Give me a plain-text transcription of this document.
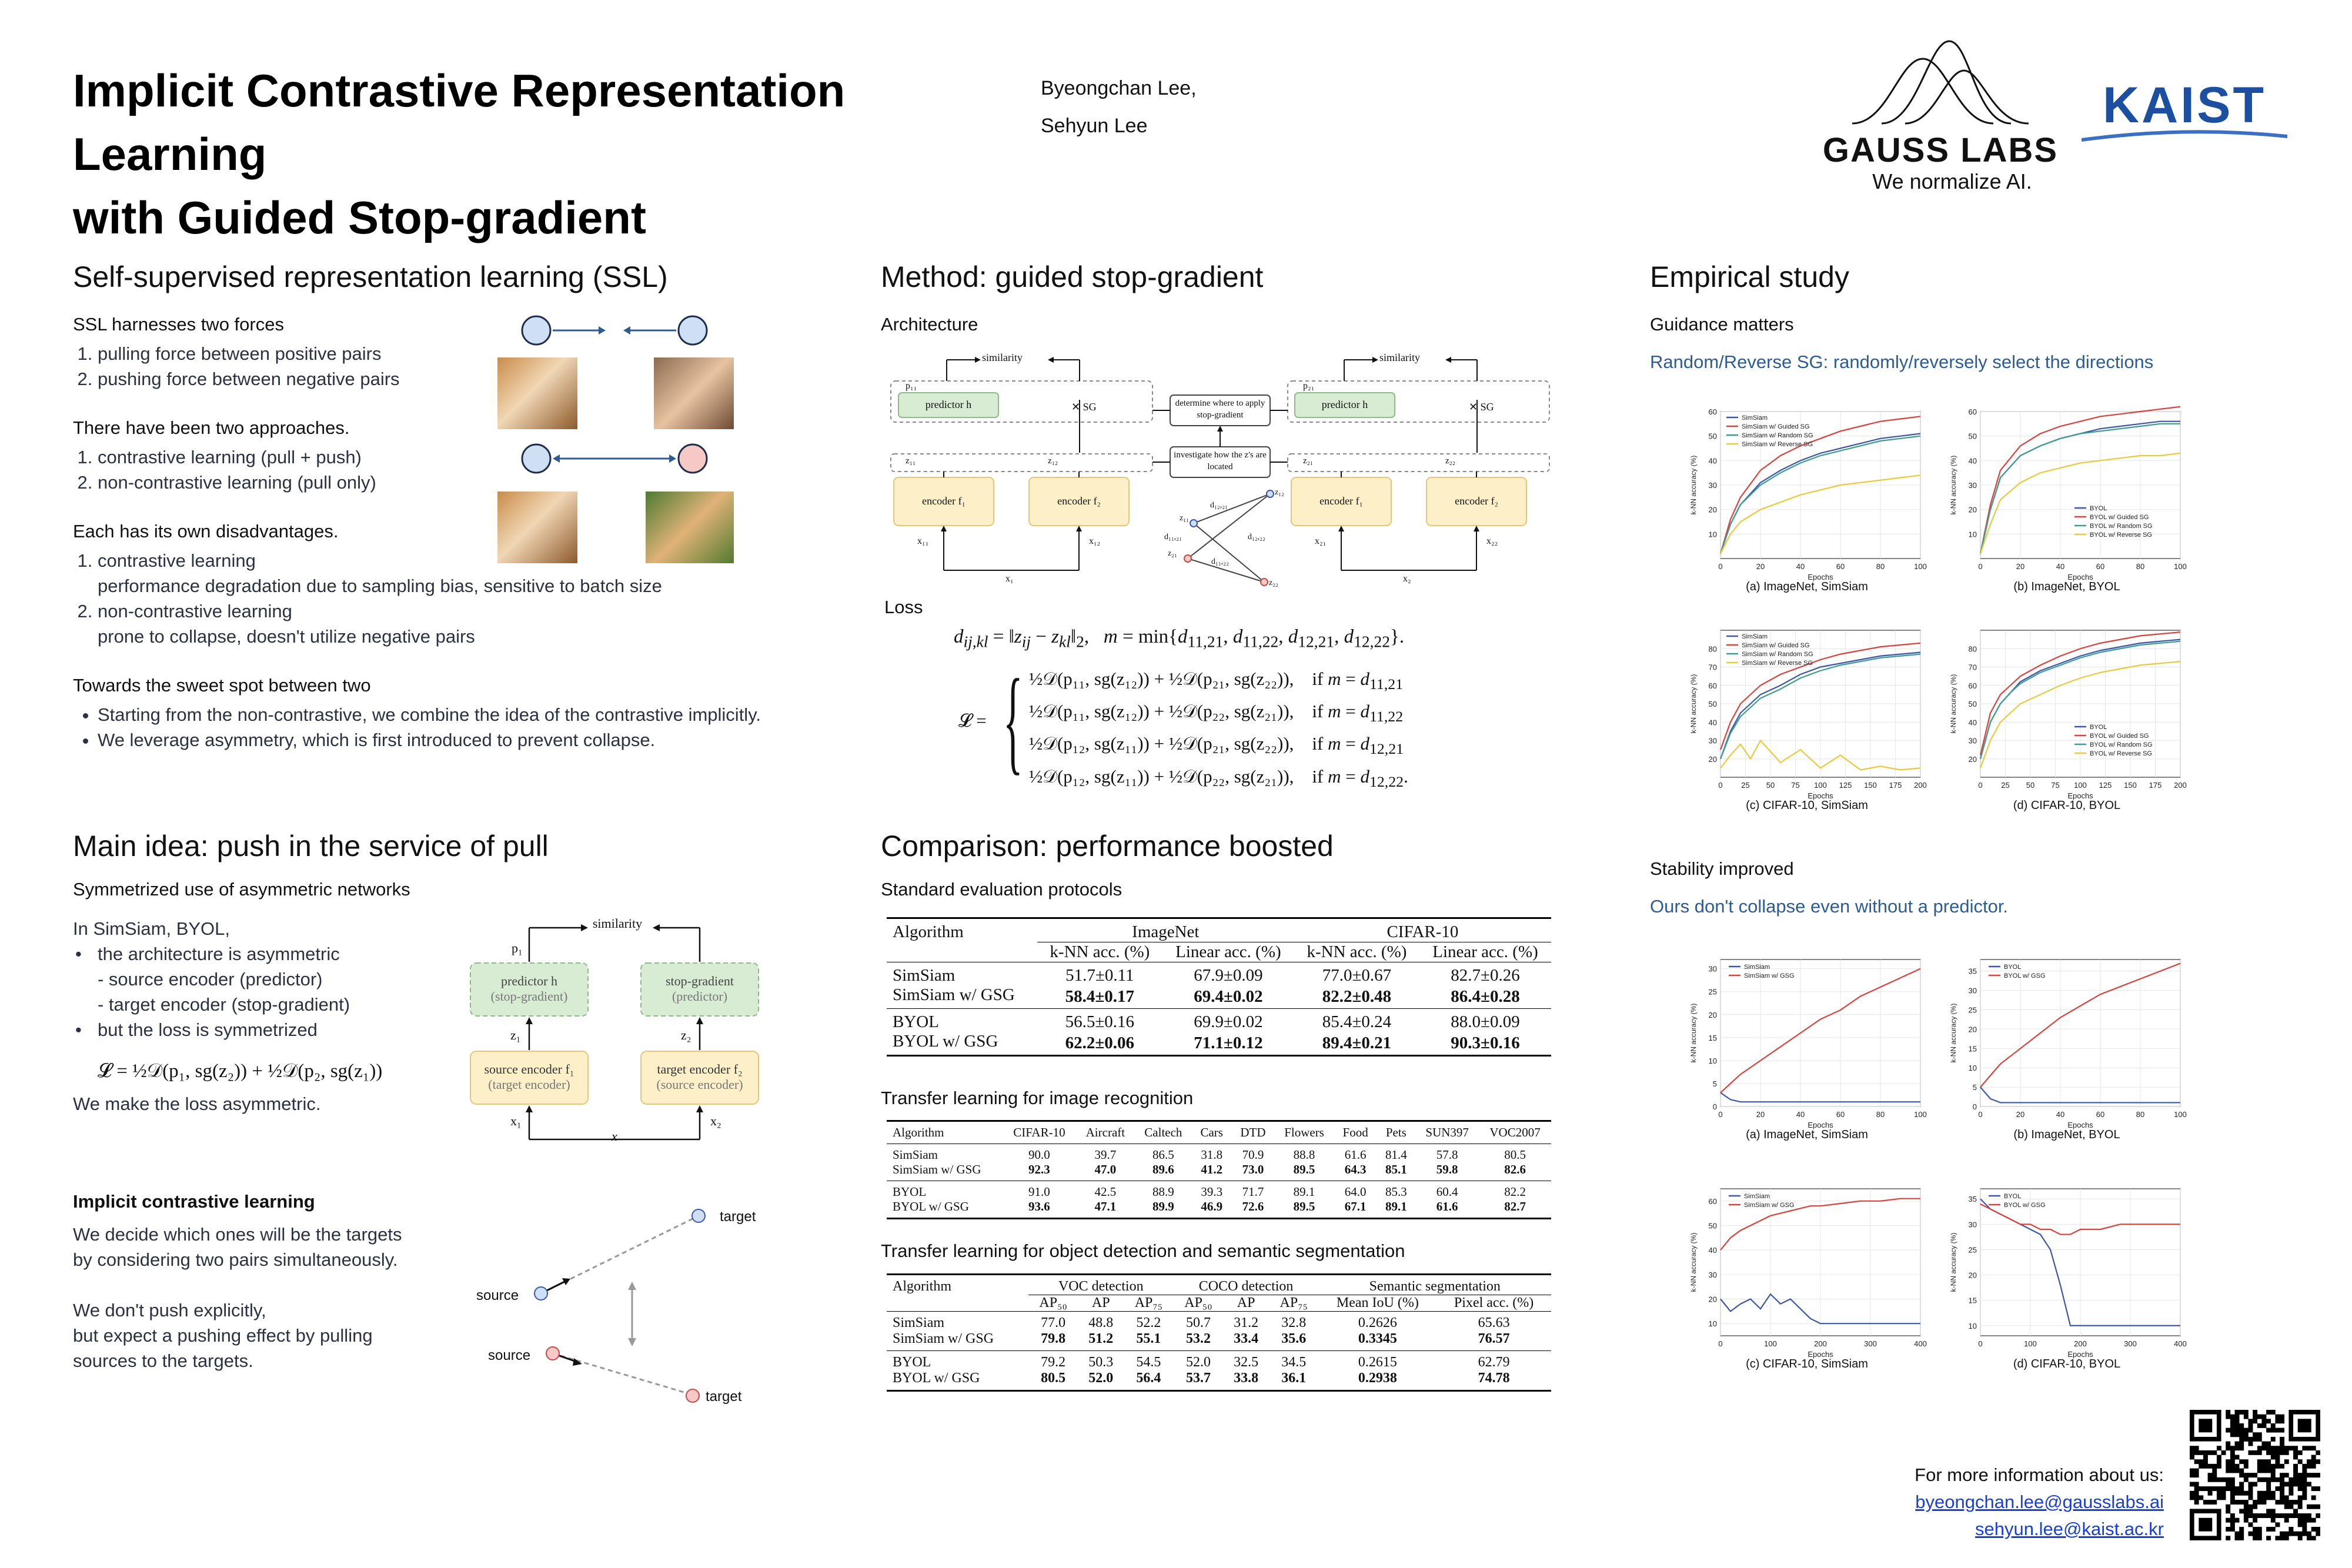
Implicit Contrastive Representation Learning
with Guided Stop-gradient
Byeongchan Lee,
Sehyun Lee
GAUSS LABS
We normalize AI.
KAIST
Self-supervised representation learning (SSL)
SSL harnesses two forces
1. pulling force between positive pairs
2. pushing force between negative pairs
There have been two approaches.
1. contrastive learning (pull + push)
2. non-contrastive learning (pull only)
Each has its own disadvantages.
1. contrastive learning
performance degradation due to sampling bias, sensitive to batch size
2. non-contrastive learning
prone to collapse, doesn't utilize negative pairs
Towards the sweet spot between two
• Starting from the non-contrastive, we combine the idea of the contrastive implicitly.
• We leverage asymmetry, which is first introduced to prevent collapse.
Main idea: push in the service of pull
Symmetrized use of asymmetric networks
In SimSiam, BYOL,
• the architecture is asymmetric
- source encoder (predictor)
- target encoder (stop-gradient)
• but the loss is symmetrized
𝓛 = ½𝒟(p₁, sg(z₂)) + ½𝒟(p₂, sg(z₁))
We make the loss asymmetric.
similarity
p₁
predictor h
(stop-gradient)
stop-gradient
(predictor)
z₁	z₂
source encoder f₁
(target encoder)
target encoder f₂
(source encoder)
x₁
x
x₂
Implicit contrastive learning
We decide which ones will be the targets
by considering two pairs simultaneously.
We don't push explicitly,
but expect a pushing effect by pulling
sources to the targets.
target
source
source
target
Method: guided stop-gradient
Architecture
similarity	similarity
p₁₁	p₂₁
predictor h	predictor h
✕ SG	✕ SG
z₁₁	z₁₂	z₂₁	z₂₂
encoder f₁	encoder f₂	encoder f₁	encoder f₂
x₁₁	x₁₂	x₂₁	x₂₂
x₁	x₂
determine where to apply stop-gradient
investigate how the z's are located
z₁₂
z₁₁
z₂₁
z₂₂
d₁₂,₂₁
d₁₁,₂₁
d₁₁,₂₂
d₁₂,₂₂
Loss
$d_{ij,kl}$ = $‖z_{ij}$ − $z_{kl}‖_2$,   $m = \min\{d_{11,21}$, $d_{11,22}$, $d_{12,21}$, $d_{12,22}$}.
𝓛 = { ½𝒟(p₁₁, sg(z₁₂)) + ½𝒟(p₂₁, sg(z₂₂)),    if $m = d_{11,21}$
½𝒟(p₁₁, sg(z₁₂)) + ½𝒟(p₂₂, sg(z₂₁)),    if $m = d_{11,22}$
½𝒟(p₁₂, sg(z₁₁)) + ½𝒟(p₂₁, sg(z₂₂)),    if $m = d_{12,21}$
½𝒟(p₁₂, sg(z₁₁)) + ½𝒟(p₂₂, sg(z₂₁)),    if $m = d_{12,22}$.
Comparison: performance boosted
Standard evaluation protocols
Algorithm	ImageNet		CIFAR-10	
	k-NN acc. (%)	Linear acc. (%)	k-NN acc. (%)	Linear acc. (%)
SimSiam	51.7±0.11	67.9±0.09	77.0±0.67	82.7±0.26
SimSiam w/ GSG	58.4±0.17	69.4±0.02	82.2±0.48	86.4±0.28
BYOL	56.5±0.16	69.9±0.02	85.4±0.24	88.0±0.09
BYOL w/ GSG	62.2±0.06	71.1±0.12	89.4±0.21	90.3±0.16
Transfer learning for image recognition
Algorithm	CIFAR-10	Aircraft	Caltech	Cars	DTD	Flowers	Food	Pets	SUN397	VOC2007
SimSiam	90.0	39.7	86.5	31.8	70.9	88.8	61.6	81.4	57.8	80.5
SimSiam w/ GSG	92.3	47.0	89.6	41.2	73.0	89.5	64.3	85.1	59.8	82.6
BYOL	91.0	42.5	88.9	39.3	71.7	89.1	64.0	85.3	60.4	82.2
BYOL w/ GSG	93.6	47.1	89.9	46.9	72.6	89.5	67.1	89.1	61.6	82.7
Transfer learning for object detection and semantic segmentation
Algorithm	VOC detection			COCO detection			Semantic segmentation	
	AP₅₀	AP	AP₇₅	AP₅₀	AP	AP₇₅	Mean IoU (%)	Pixel acc. (%)
SimSiam	77.0	48.8	52.2	50.7	31.2	32.8	0.2626	65.63
SimSiam w/ GSG	79.8	51.2	55.1	53.2	33.4	35.6	0.3345	76.57
BYOL	79.2	50.3	54.5	52.0	32.5	34.5	0.2615	62.79
BYOL w/ GSG	80.5	52.0	56.4	53.7	33.8	36.1	0.2938	74.78
Empirical study
Guidance matters
Random/Reverse SG: randomly/reversely select the directions
Stability improved
Ours don't collapse even without a predictor.
10
20
30
40
50
60
0	20	40	60	80	100
Epochs
k-NN accuracy (%)
SimSiam
SimSiam w/ Guided SG
SimSiam w/ Random SG
SimSiam w/ Reverse SG
(a) ImageNet, SimSiam
10
20
30
40
50
60
0	20	40	60	80	100
Epochs
k-NN accuracy (%)	BYOL
BYOL w/ Guided SG
BYOL w/ Random SG
BYOL w/ Reverse SG
(b) ImageNet, BYOL
20
30
40
50
60
70
80
0 25 50 75 100 125 150 175 200
Epochs
k-NN accuracy (%)
SimSiam
SimSiam w/ Guided SG
SimSiam w/ Random SG
SimSiam w/ Reverse SG
(c) CIFAR-10, SimSiam
20
30
40
50
60
70
80
0 25 50 75 100 125 150 175 200
Epochs
k-NN accuracy (%)	BYOL
BYOL w/ Guided SG
BYOL w/ Random SG
BYOL w/ Reverse SG
(d) CIFAR-10, BYOL
0
5
10
15
20
25
30
0	20	40	60	80	100
Epochs
k-NN accuracy (%)
SimSiam
SimSiam w/ GSG
(a) ImageNet, SimSiam
0
5
10
15
20
25
30
35
0	20	40	60	80	100
Epochs
k-NN accuracy (%)
BYOL
BYOL w/ GSG
(b) ImageNet, BYOL
10
20
30
40
50
60
0	100	200	300	400
Epochs
k-NN accuracy (%)
SimSiam
SimSiam w/ GSG
(c) CIFAR-10, SimSiam
10
15
20
25
30
35
0	100	200	300	400
Epochs
k-NN accuracy (%)
BYOL
BYOL w/ GSG
(d) CIFAR-10, BYOL
For more information about us:
byeongchan.lee@gausslabs.ai
sehyun.lee@kaist.ac.kr
